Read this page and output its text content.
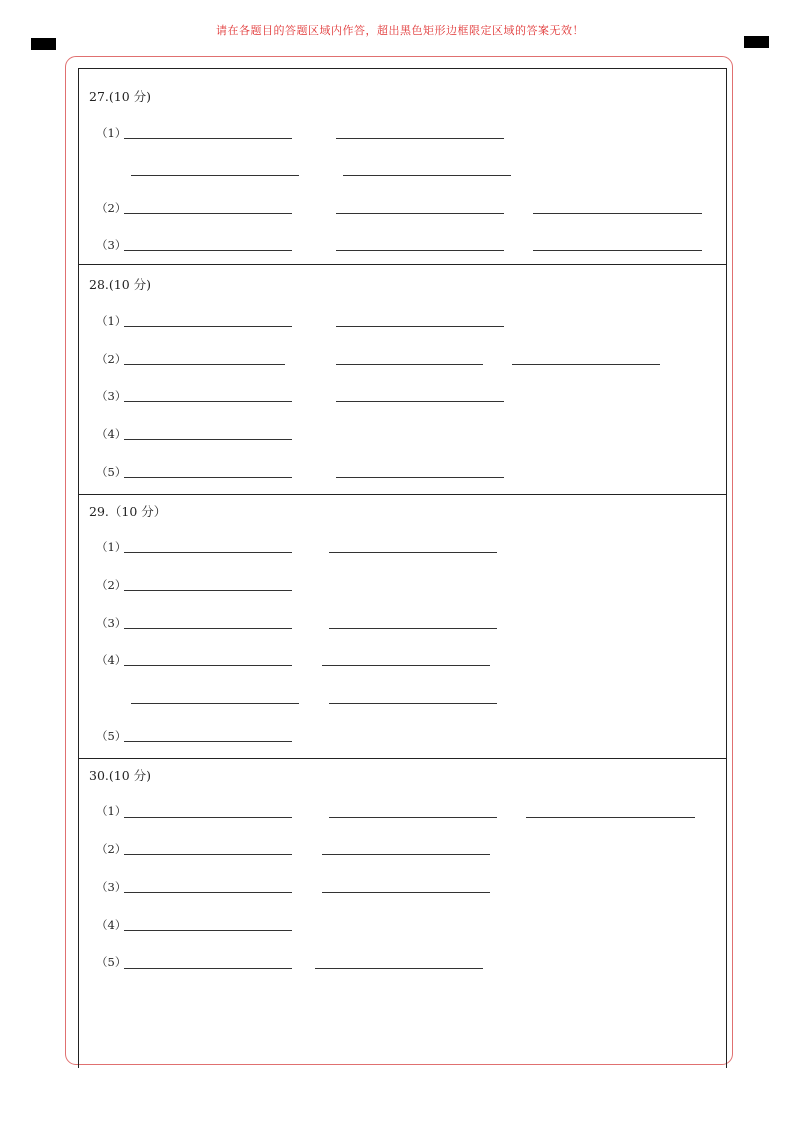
请在各题目的答题区域内作答，超出黑色矩形边框限定区域的答案无效！
27.(10 分)
（1）
（2）
（3）
28.(10 分)
（1）
（2）
（3）
（4）
（5）
29.（10 分）
（1）
（2）
（3）
（4）
（5）
30.(10 分)
（1）
（2）
（3）
（4）
（5）
